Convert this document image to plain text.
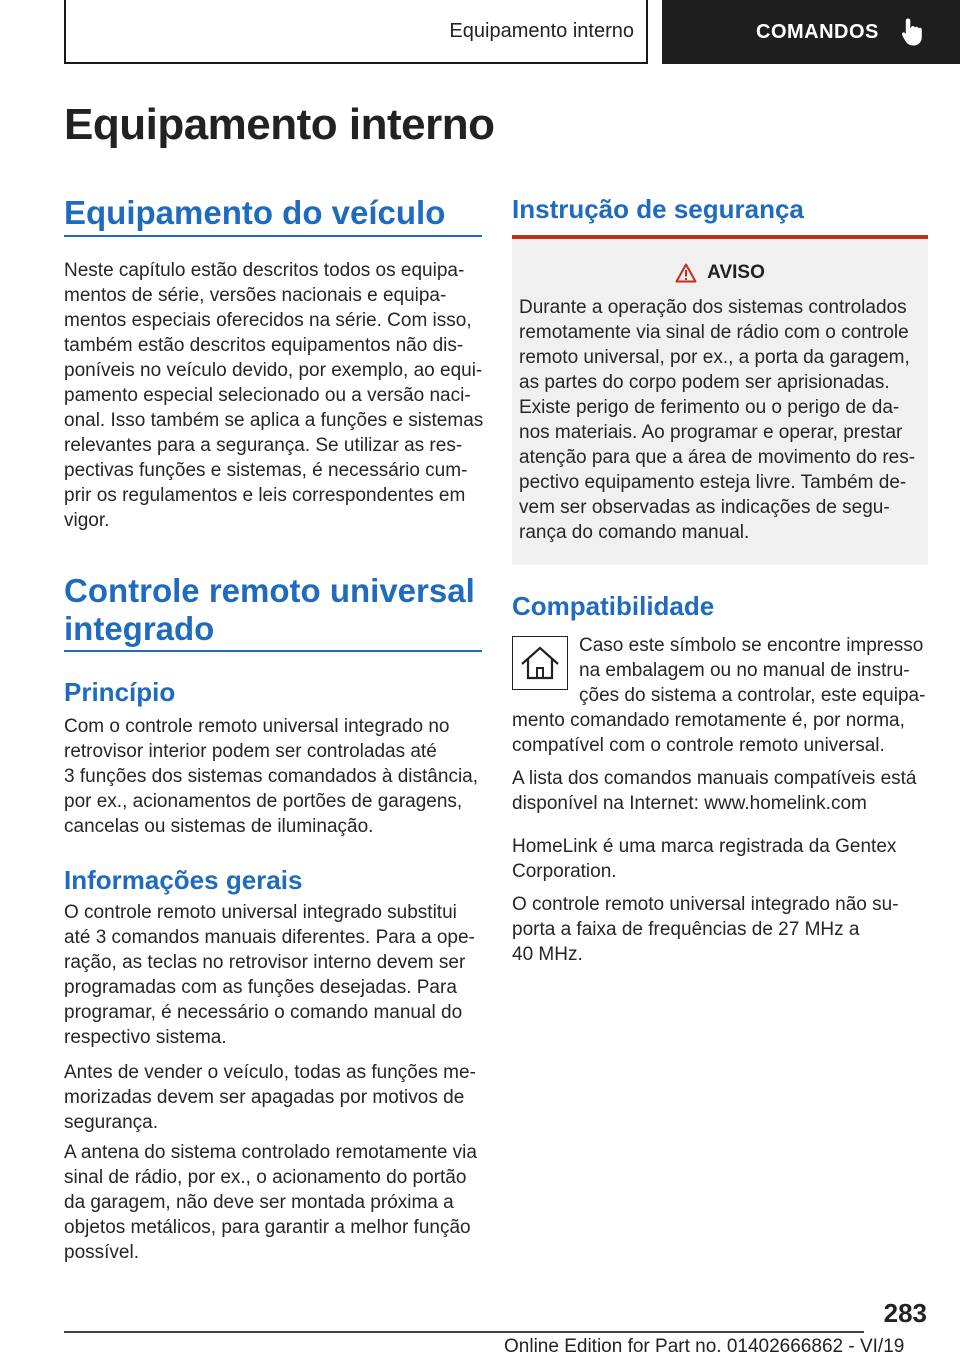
Equipamento interno	COMANDOS
Equipamento interno
Equipamento do veículo

Neste capítulo estão descritos todos os equipa-

mentos de série, versões nacionais e equipa-

mentos especiais oferecidos na série. Com isso,

também estão descritos equipamentos não dis-

poníveis no veículo devido, por exemplo, ao equi-

pamento especial selecionado ou a versão naci-

onal. Isso também se aplica a funções e sistemas

relevantes para a segurança. Se utilizar as res-

pectivas funções e sistemas, é necessário cum-

prir os regulamentos e leis correspondentes em

vigor.

Controle remoto universal
integrado
Princípio

Com o controle remoto universal integrado no

retrovisor interior podem ser controladas até

3 funções dos sistemas comandados à distância,

por ex., acionamentos de portões de garagens,

cancelas ou sistemas de iluminação.

Informações gerais

O controle remoto universal integrado substitui

até 3 comandos manuais diferentes. Para a ope-

ração, as teclas no retrovisor interno devem ser

programadas com as funções desejadas. Para

programar, é necessário o comando manual do

respectivo sistema.

Antes de vender o veículo, todas as funções me-

morizadas devem ser apagadas por motivos de

segurança.

A antena do sistema controlado remotamente via

sinal de rádio, por ex., o acionamento do portão

da garagem, não deve ser montada próxima a

objetos metálicos, para garantir a melhor função

possível.

Instrução de segurança
AVISO

Durante a operação dos sistemas controlados

remotamente via sinal de rádio com o controle

remoto universal, por ex., a porta da garagem,

as partes do corpo podem ser aprisionadas.

Existe perigo de ferimento ou o perigo de da-

nos materiais. Ao programar e operar, prestar

atenção para que a área de movimento do res-

pectivo equipamento esteja livre. Também de-

vem ser observadas as indicações de segu-

rança do comando manual.

Compatibilidade

Caso este símbolo se encontre impresso

na embalagem ou no manual de instru-

ções do sistema a controlar, este equipa-

mento comandado remotamente é, por norma,

compatível com o controle remoto universal.

A lista dos comandos manuais compatíveis está

disponível na Internet: www.homelink.com

HomeLink é uma marca registrada da Gentex

Corporation.

O controle remoto universal integrado não su-

porta a faixa de frequências de 27 MHz a

40 MHz.

283
Online Edition for Part no. 01402666862 - VI/19
